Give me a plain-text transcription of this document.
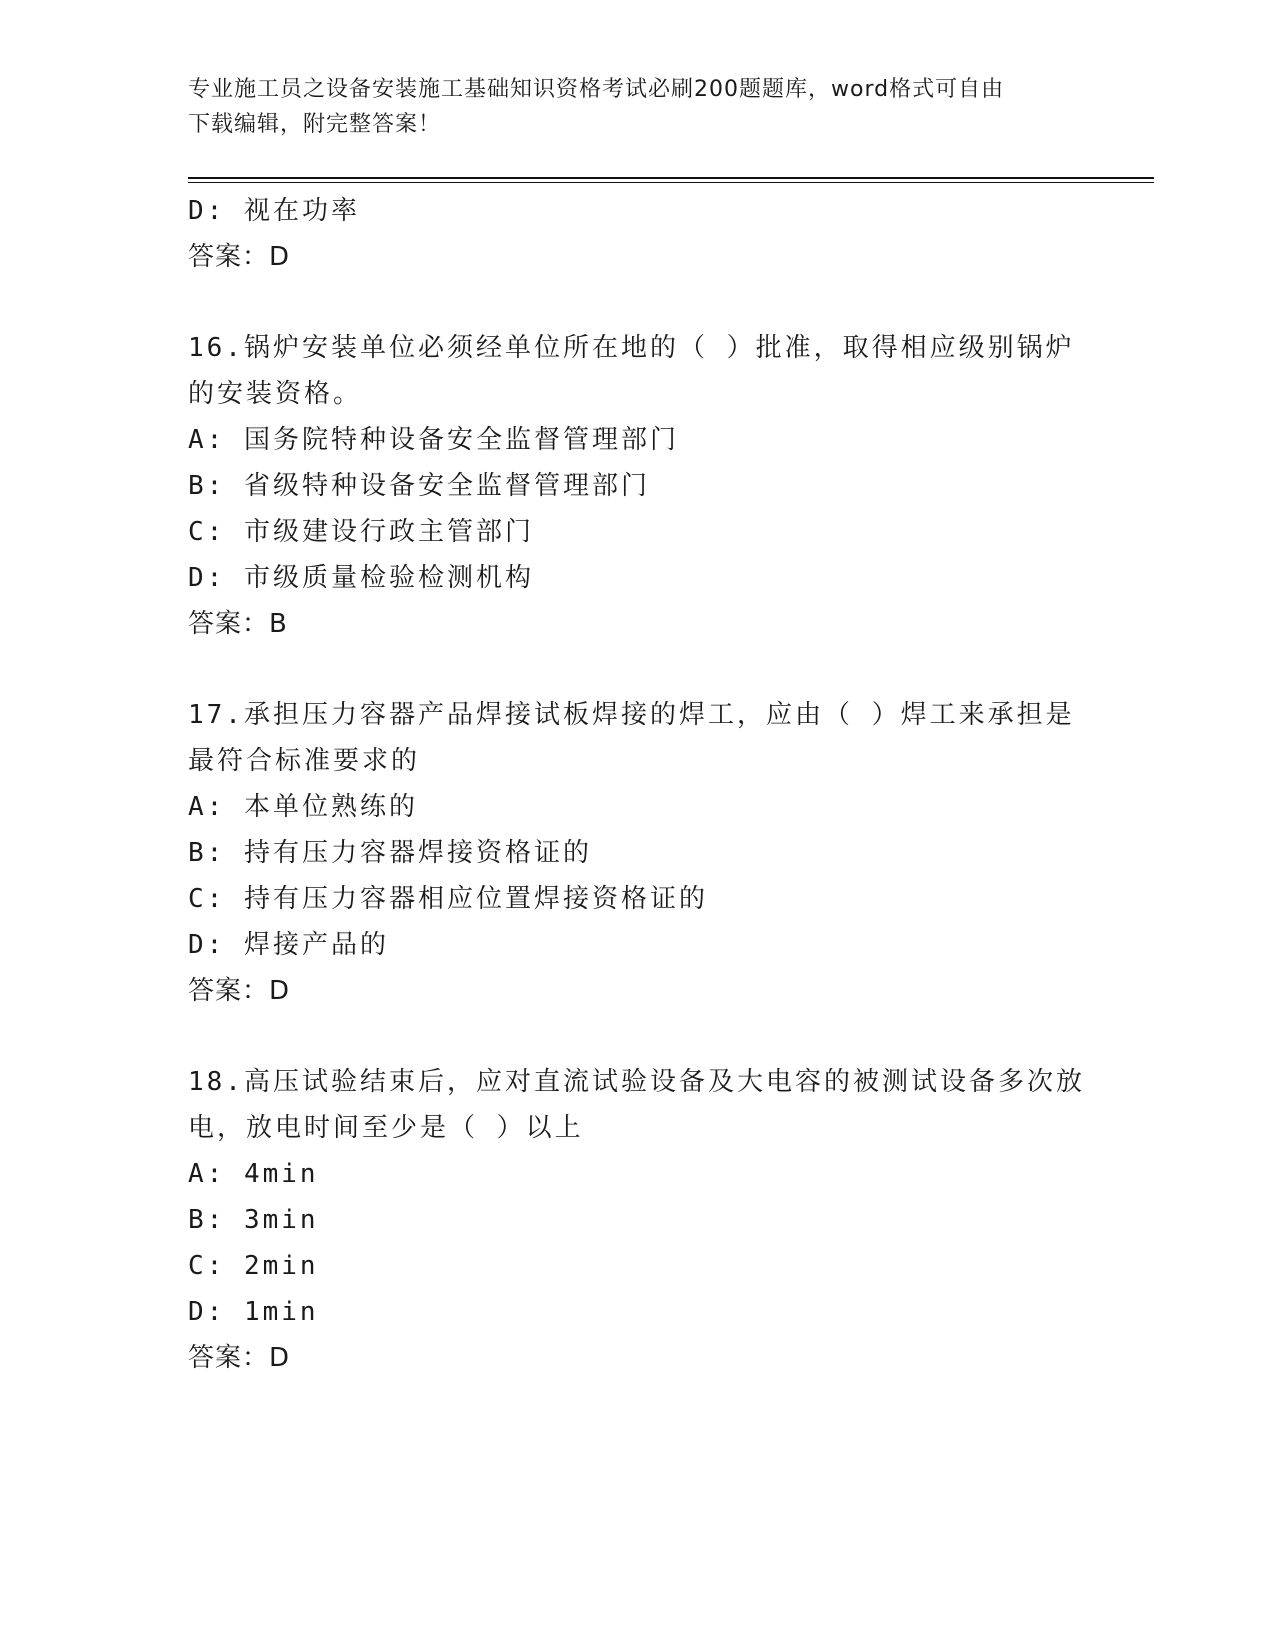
专业施工员之设备安装施工基础知识资格考试必刷200题题库，word格式可自由
下载编辑，附完整答案！
D: 视在功率
答案：D
16.锅炉安装单位必须经单位所在地的（ ）批准，取得相应级别锅炉
的安装资格。
A: 国务院特种设备安全监督管理部门
B: 省级特种设备安全监督管理部门
C: 市级建设行政主管部门
D: 市级质量检验检测机构
答案：B
17.承担压力容器产品焊接试板焊接的焊工，应由（ ）焊工来承担是
最符合标准要求的
A: 本单位熟练的
B: 持有压力容器焊接资格证的
C: 持有压力容器相应位置焊接资格证的
D: 焊接产品的
答案：D
18.高压试验结束后，应对直流试验设备及大电容的被测试设备多次放
电，放电时间至少是（ ）以上
A: 4min
B: 3min
C: 2min
D: 1min
答案：D
